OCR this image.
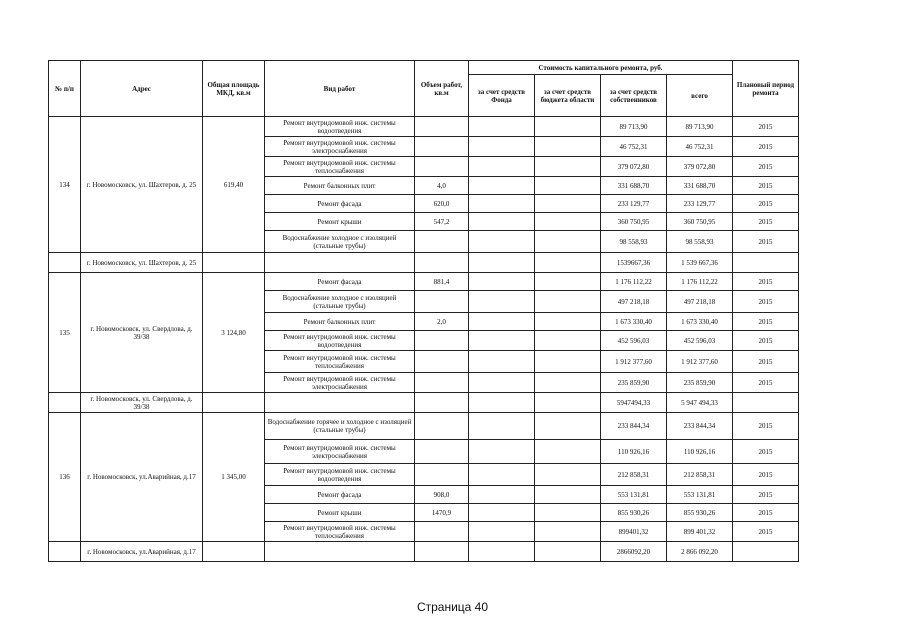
№ п/п	Адрес	Общая площадь МКД, кв.м	Вид работ	Объем работ, кв.м	Стоимость капитального ремонта, руб.				Плановый период ремонта
					за счет средств Фонда	за счет средств бюджета области	за счет средств собственников	всего	
134	г. Новомосковск, ул. Шахтеров, д. 25	619,40	Ремонт внутридомовой инж. системы водоотведения				89 713,90	89 713,90	2015
			Ремонт внутридомовой инж. системы электроснабжения				46 752,31	46 752,31	2015
			Ремонт внутридомовой инж. системы теплоснабжения				379 072,80	379 072,80	2015
			Ремонт балконных плит	4,0			331 688,70	331 688,70	2015
			Ремонт фасада	620,0			233 129,77	233 129,77	2015
			Ремонт крыши	547,2			360 750,95	360 750,95	2015
			Водоснабжение холодное с изоляцией (стальные трубы)				98 558,93	98 558,93	2015
	г. Новомосковск, ул. Шахтеров, д. 25						1539667,36	1 539 667,36	
135	г. Новомосковск, ул. Свердлова, д. 39/38	3 124,80	Ремонт фасада	881,4			1 176 112,22	1 176 112,22	2015
			Водоснабжение холодное с изоляцией (стальные трубы)				497 218,18	497 218,18	2015
			Ремонт балконных плит	2,0			1 673 330,40	1 673 330,40	2015
			Ремонт внутридомовой инж. системы водоотведения				452 596,03	452 596,03	2015
			Ремонт внутридомовой инж. системы теплоснабжения				1 912 377,60	1 912 377,60	2015
			Ремонт внутридомовой инж. системы электроснабжения				235 859,90	235 859,90	2015
	г. Новомосковск, ул. Свердлова, д. 39/38						5947494,33	5 947 494,33	
136	г. Новомосковск, ул.Аварийная, д.17	1 345,00	Водоснабжение горячее и холодное с изоляцией (стальные трубы)				233 844,34	233 844,34	2015
			Ремонт внутридомовой инж. системы электроснабжения				110 926,16	110 926,16	2015
			Ремонт внутридомовой инж. системы водоотведения				212 858,31	212 858,31	2015
			Ремонт фасада	908,0			553 131,81	553 131,81	2015
			Ремонт крыши	1470,9			855 930,26	855 930,26	2015
			Ремонт внутридомовой инж. системы теплоснабжения				899401,32	899 401,32	2015
	г. Новомосковск, ул.Аварийная, д.17						2866092,20	2 866 092,20	
Страница 40
